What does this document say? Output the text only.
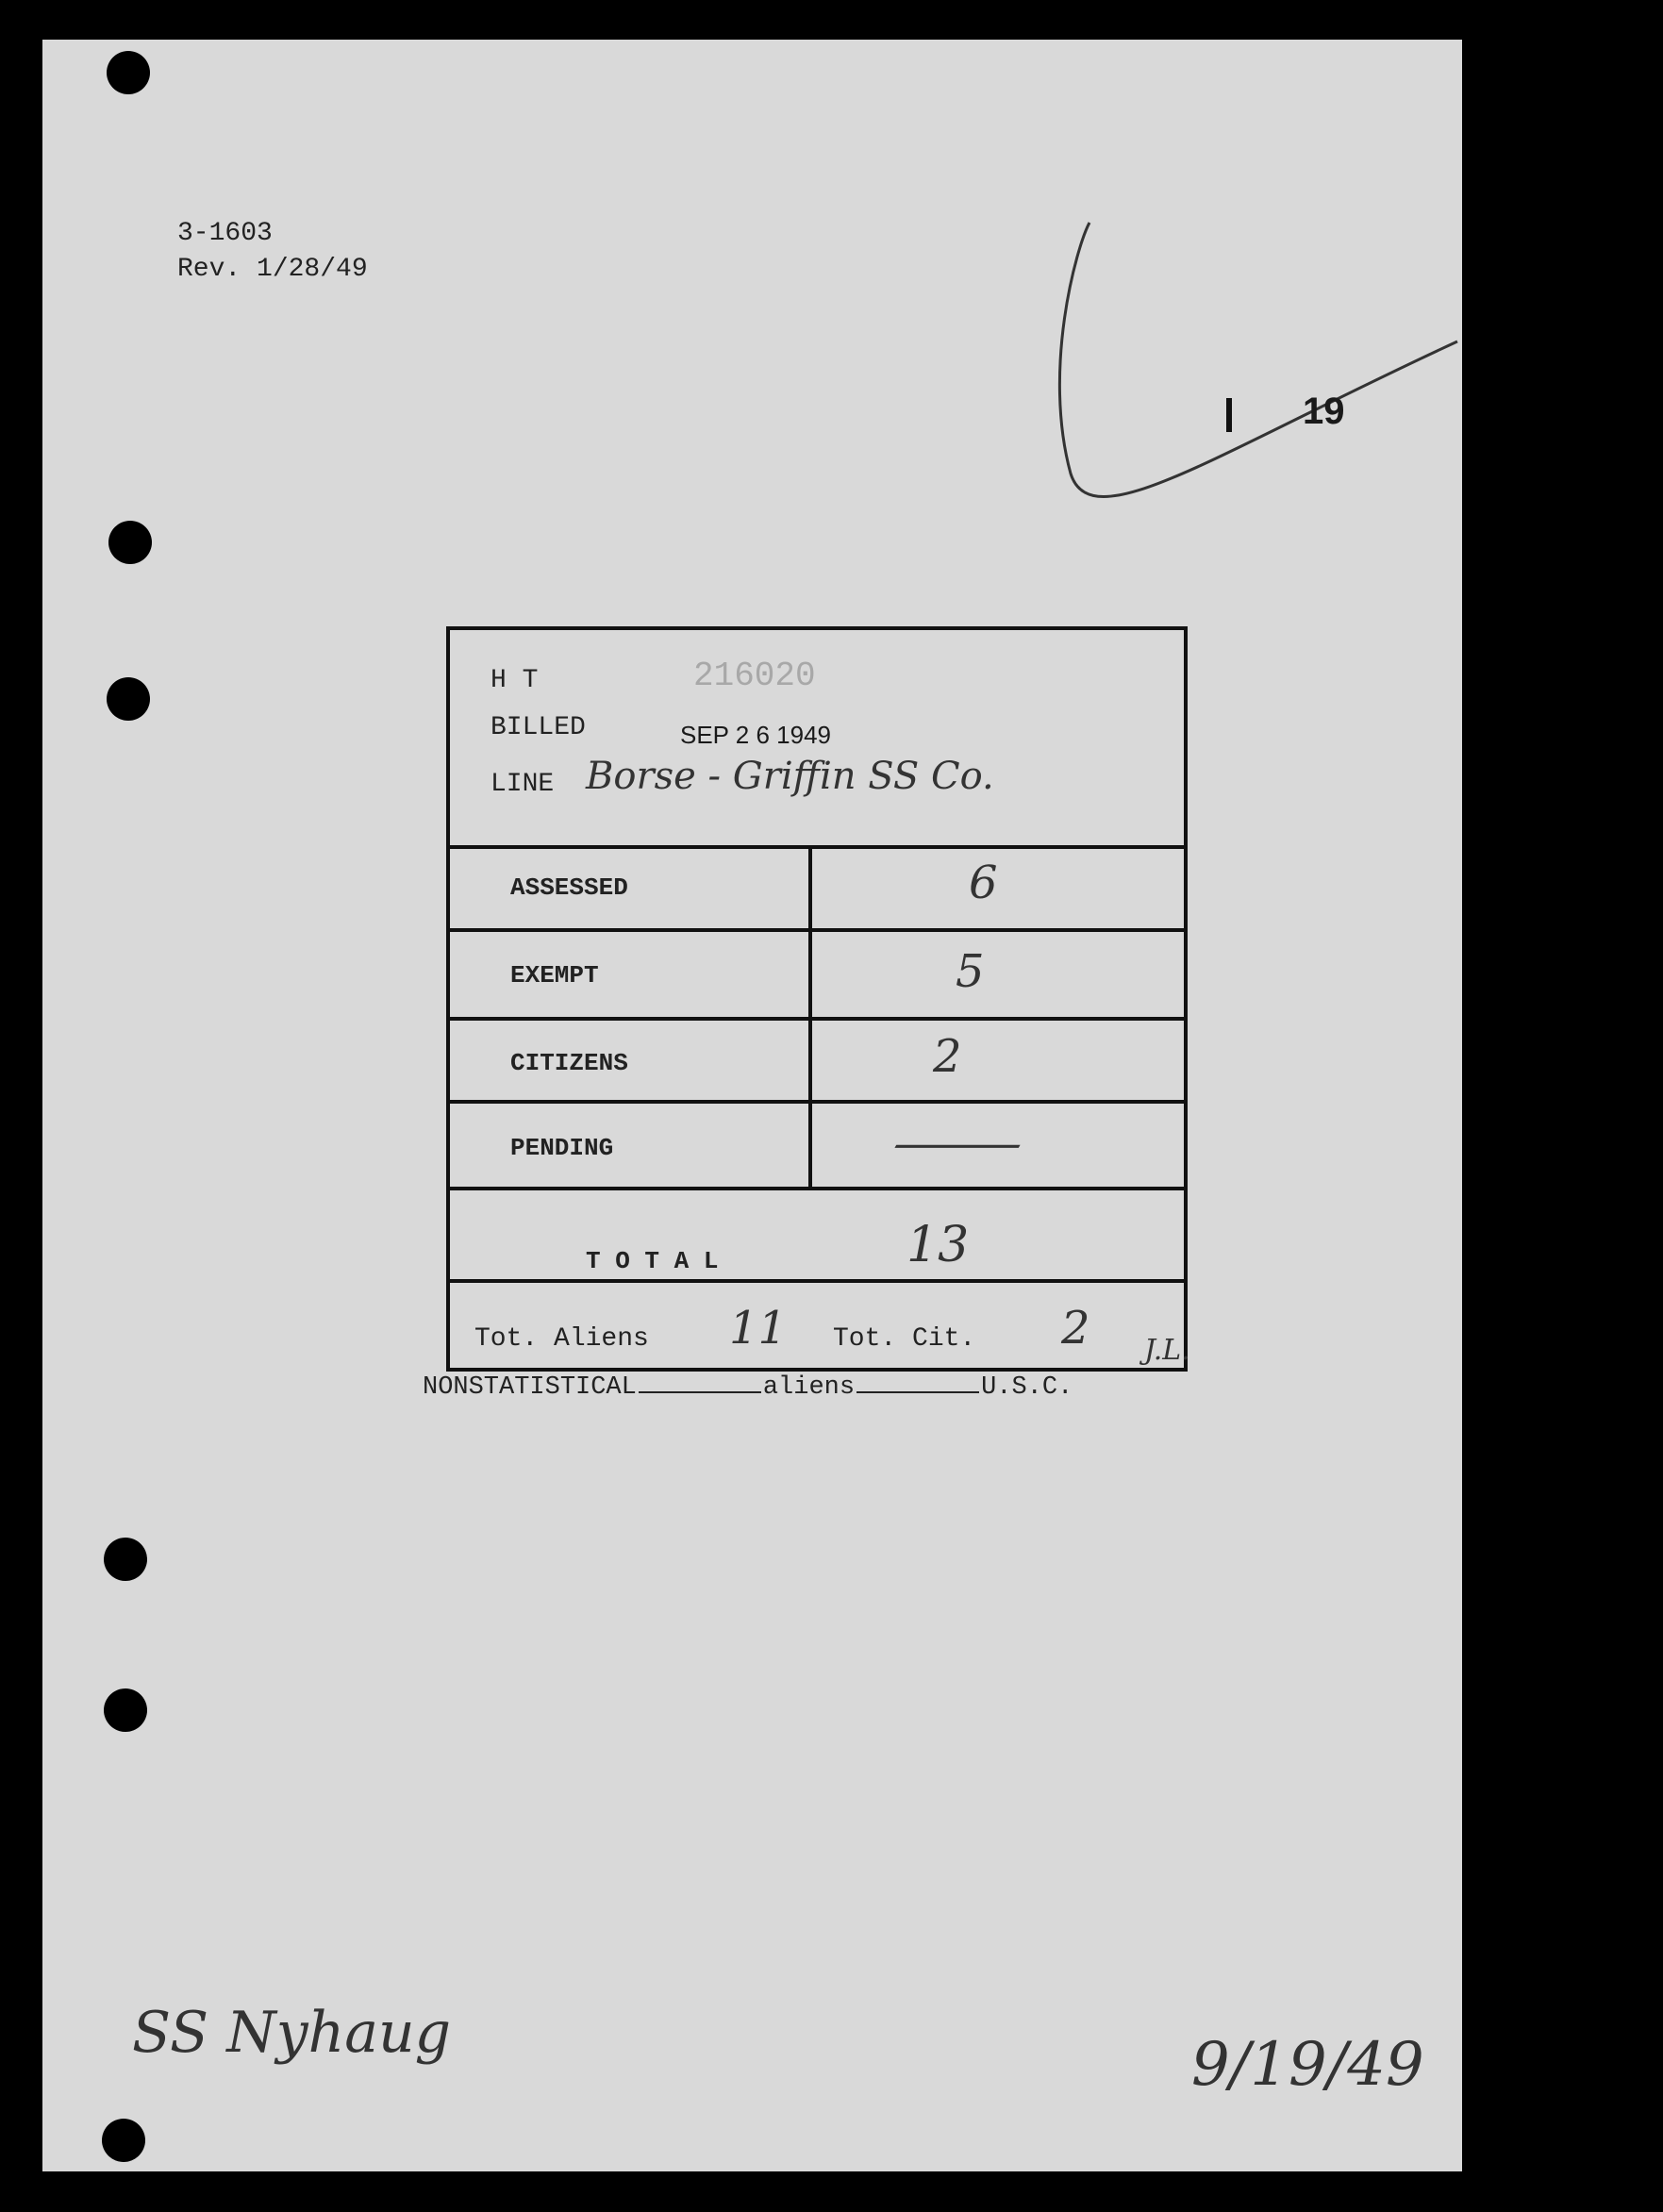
3-1603
Rev. 1/28/49
19
H T	216020
BILLED	SEP 2 6 1949
LINE Borse - Griffin SS Co.
ASSESSED	6
EXEMPT	5
CITIZENS	2
PENDING	—
T O T A L	13
Tot. Aliens 11 Tot. Cit. 2 J.L.
NONSTATISTICAL	aliens	U.S.C.
SS Nyhaug	9/19/49
